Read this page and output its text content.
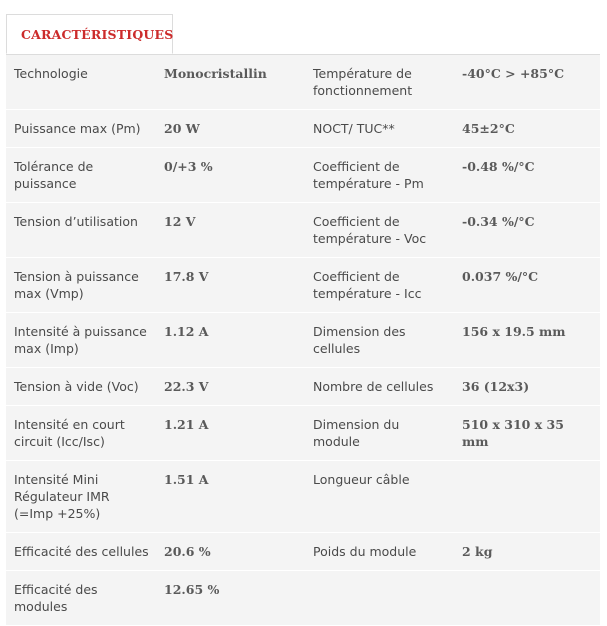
CARACTÉRISTIQUES
Technologie	Monocristallin	Température de fonctionnement	-40°C > +85°C
Puissance max (Pm)	20 W	NOCT/ TUC**	45±2°C
Tolérance de puissance	0/+3 %	Coefficient de température - Pm	-0.48 %/°C
Tension d’utilisation	12 V	Coefficient de température - Voc	-0.34 %/°C
Tension à puissance max (Vmp)	17.8 V	Coefficient de température - Icc	0.037 %/°C
Intensité à puissance max (Imp)	1.12 A	Dimension des cellules	156 x 19.5 mm
Tension à vide (Voc)	22.3 V	Nombre de cellules	36 (12x3)
Intensité en court circuit (Icc/Isc)	1.21 A	Dimension du module	510 x 310 x 35 mm
Intensité Mini Régulateur IMR (=Imp +25%)	1.51 A	Longueur câble	
Efficacité des cellules	20.6 %	Poids du module	2 kg
Efficacité des modules	12.65 %		
